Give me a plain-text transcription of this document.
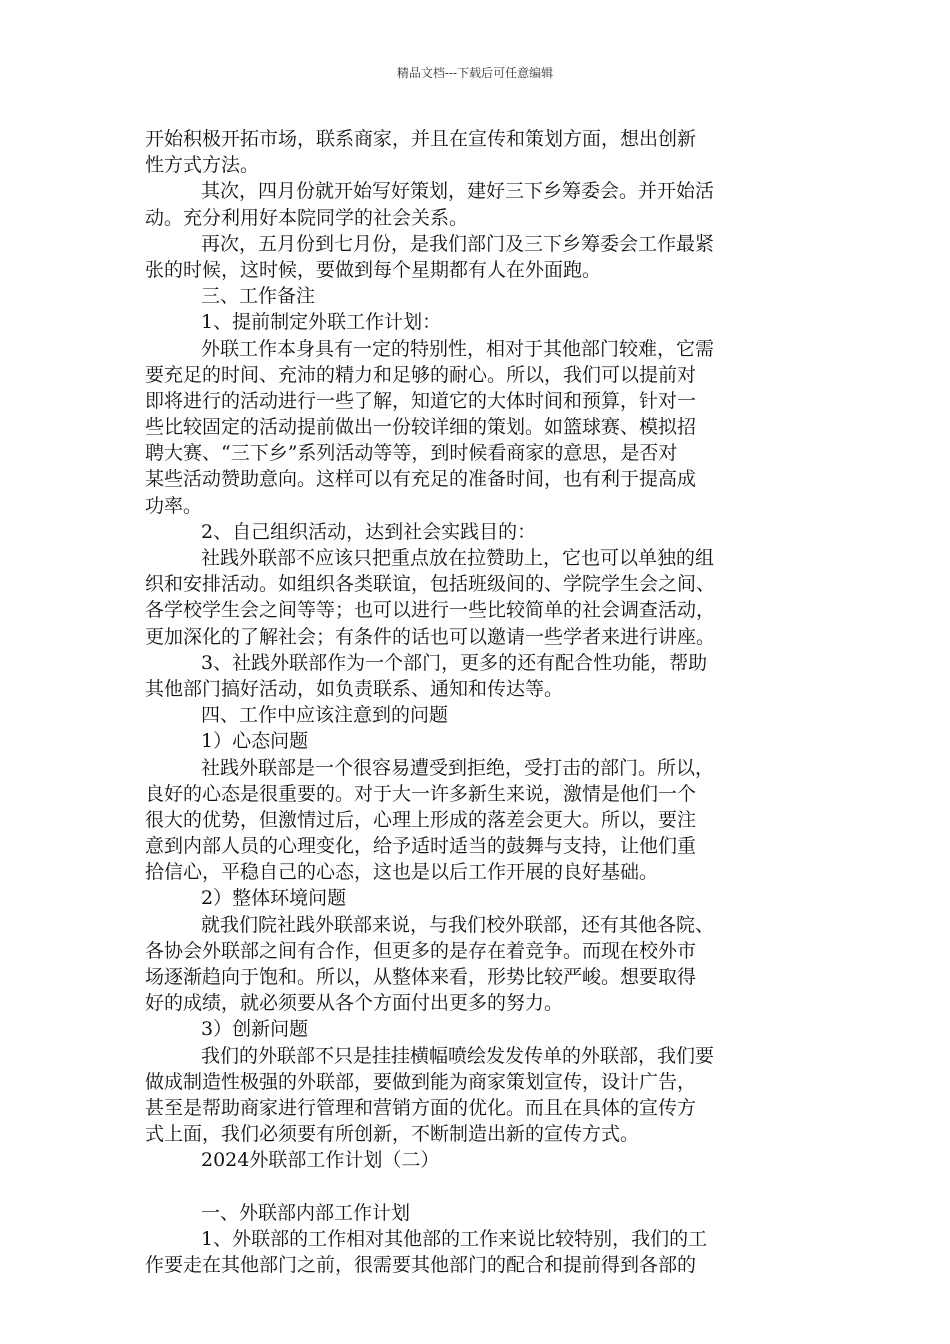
精品文档---下载后可任意编辑
开始积极开拓市场，联系商家，并且在宣传和策划方面，想出创新
性方式方法。
其次，四月份就开始写好策划，建好三下乡筹委会。并开始活
动。充分利用好本院同学的社会关系。
再次，五月份到七月份，是我们部门及三下乡筹委会工作最紧
张的时候，这时候，要做到每个星期都有人在外面跑。
三、工作备注
1、提前制定外联工作计划：
外联工作本身具有一定的特别性，相对于其他部门较难，它需
要充足的时间、充沛的精力和足够的耐心。所以，我们可以提前对
即将进行的活动进行一些了解，知道它的大体时间和预算，针对一
些比较固定的活动提前做出一份较详细的策划。如篮球赛、模拟招
聘大赛、“三下乡”系列活动等等，到时候看商家的意思，是否对
某些活动赞助意向。这样可以有充足的准备时间，也有利于提高成
功率。
2、自己组织活动，达到社会实践目的：
社践外联部不应该只把重点放在拉赞助上，它也可以单独的组
织和安排活动。如组织各类联谊，包括班级间的、学院学生会之间、
各学校学生会之间等等；也可以进行一些比较简单的社会调查活动，
更加深化的了解社会；有条件的话也可以邀请一些学者来进行讲座。
3、社践外联部作为一个部门，更多的还有配合性功能，帮助
其他部门搞好活动，如负责联系、通知和传达等。
四、工作中应该注意到的问题
1）心态问题
社践外联部是一个很容易遭受到拒绝，受打击的部门。所以，
良好的心态是很重要的。对于大一许多新生来说，激情是他们一个
很大的优势，但激情过后，心理上形成的落差会更大。所以，要注
意到内部人员的心理变化，给予适时适当的鼓舞与支持，让他们重
拾信心，平稳自己的心态，这也是以后工作开展的良好基础。
2）整体环境问题
就我们院社践外联部来说，与我们校外联部，还有其他各院、
各协会外联部之间有合作，但更多的是存在着竞争。而现在校外市
场逐渐趋向于饱和。所以，从整体来看，形势比较严峻。想要取得
好的成绩，就必须要从各个方面付出更多的努力。
3）创新问题
我们的外联部不只是挂挂横幅喷绘发发传单的外联部，我们要
做成制造性极强的外联部，要做到能为商家策划宣传，设计广告，
甚至是帮助商家进行管理和营销方面的优化。而且在具体的宣传方
式上面，我们必须要有所创新，不断制造出新的宣传方式。
2024外联部工作计划（二）
一、外联部内部工作计划
1、外联部的工作相对其他部的工作来说比较特别，我们的工
作要走在其他部门之前，很需要其他部门的配合和提前得到各部的
